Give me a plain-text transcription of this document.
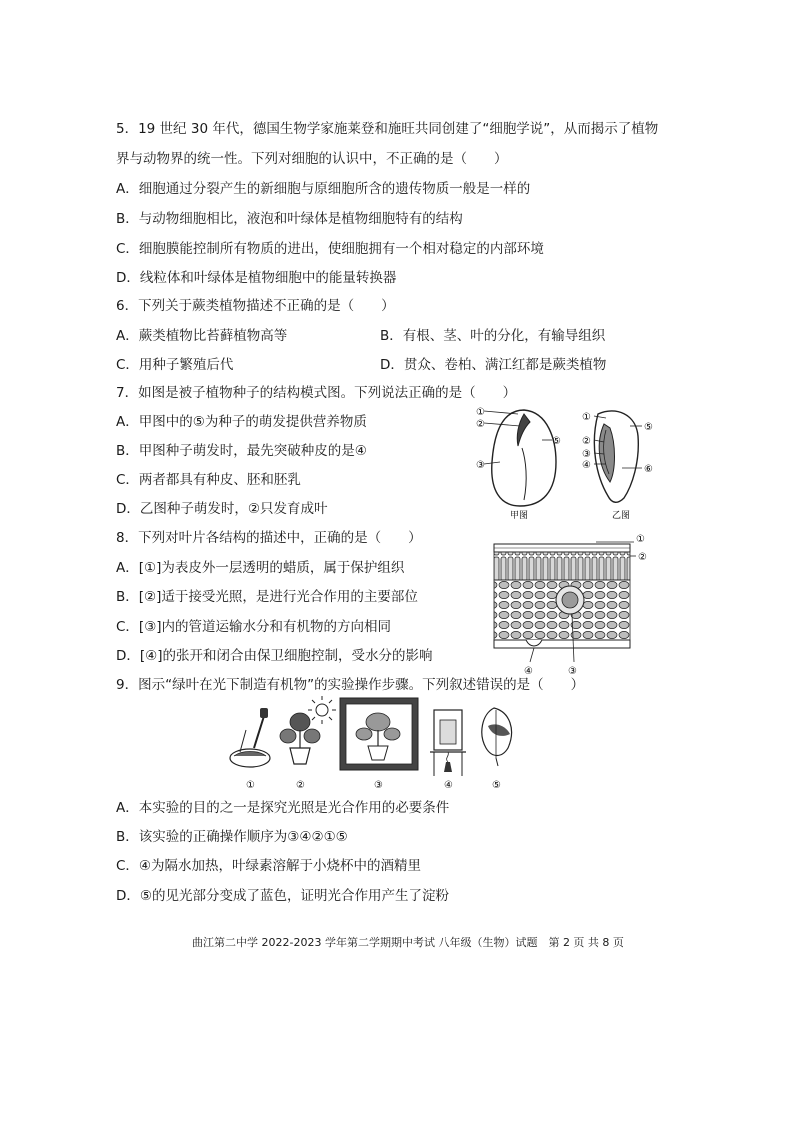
5．19 世纪 30 年代，德国生物学家施莱登和施旺共同创建了“细胞学说”，从而揭示了植物
界与动物界的统一性。下列对细胞的认识中，不正确的是（　　）
A．细胞通过分裂产生的新细胞与原细胞所含的遗传物质一般是一样的
B．与动物细胞相比，液泡和叶绿体是植物细胞特有的结构
C．细胞膜能控制所有物质的进出，使细胞拥有一个相对稳定的内部环境
D．线粒体和叶绿体是植物细胞中的能量转换器
6．下列关于蕨类植物描述不正确的是（　　）
A．蕨类植物比苔藓植物高等	B．有根、茎、叶的分化，有输导组织
C．用种子繁殖后代	D．贯众、卷柏、满江红都是蕨类植物
7．如图是被子植物种子的结构模式图。下列说法正确的是（　　）
A．甲图中的⑤为种子的萌发提供营养物质
B．甲图种子萌发时，最先突破种皮的是④
C．两者都具有种皮、胚和胚乳
D．乙图种子萌发时，②只发育成叶
①
②
③
⑤
甲图
①
②
③
④
⑤
⑥
乙图
8．下列对叶片各结构的描述中，正确的是（　　）
A．[①]为表皮外一层透明的蜡质，属于保护组织
B．[②]适于接受光照，是进行光合作用的主要部位
C．[③]内的管道运输水分和有机物的方向相同
D．[④]的张开和闭合由保卫细胞控制，受水分的影响
①
②
④	③
9．图示“绿叶在光下制造有机物”的实验操作步骤。下列叙述错误的是（　　）
①	②	③	④	⑤
A．本实验的目的之一是探究光照是光合作用的必要条件
B．该实验的正确操作顺序为③④②①⑤
C．④为隔水加热，叶绿素溶解于小烧杯中的酒精里
D．⑤的见光部分变成了蓝色，证明光合作用产生了淀粉
曲江第二中学 2022-2023 学年第二学期期中考试 八年级（生物）试题　第 2 页 共 8 页
